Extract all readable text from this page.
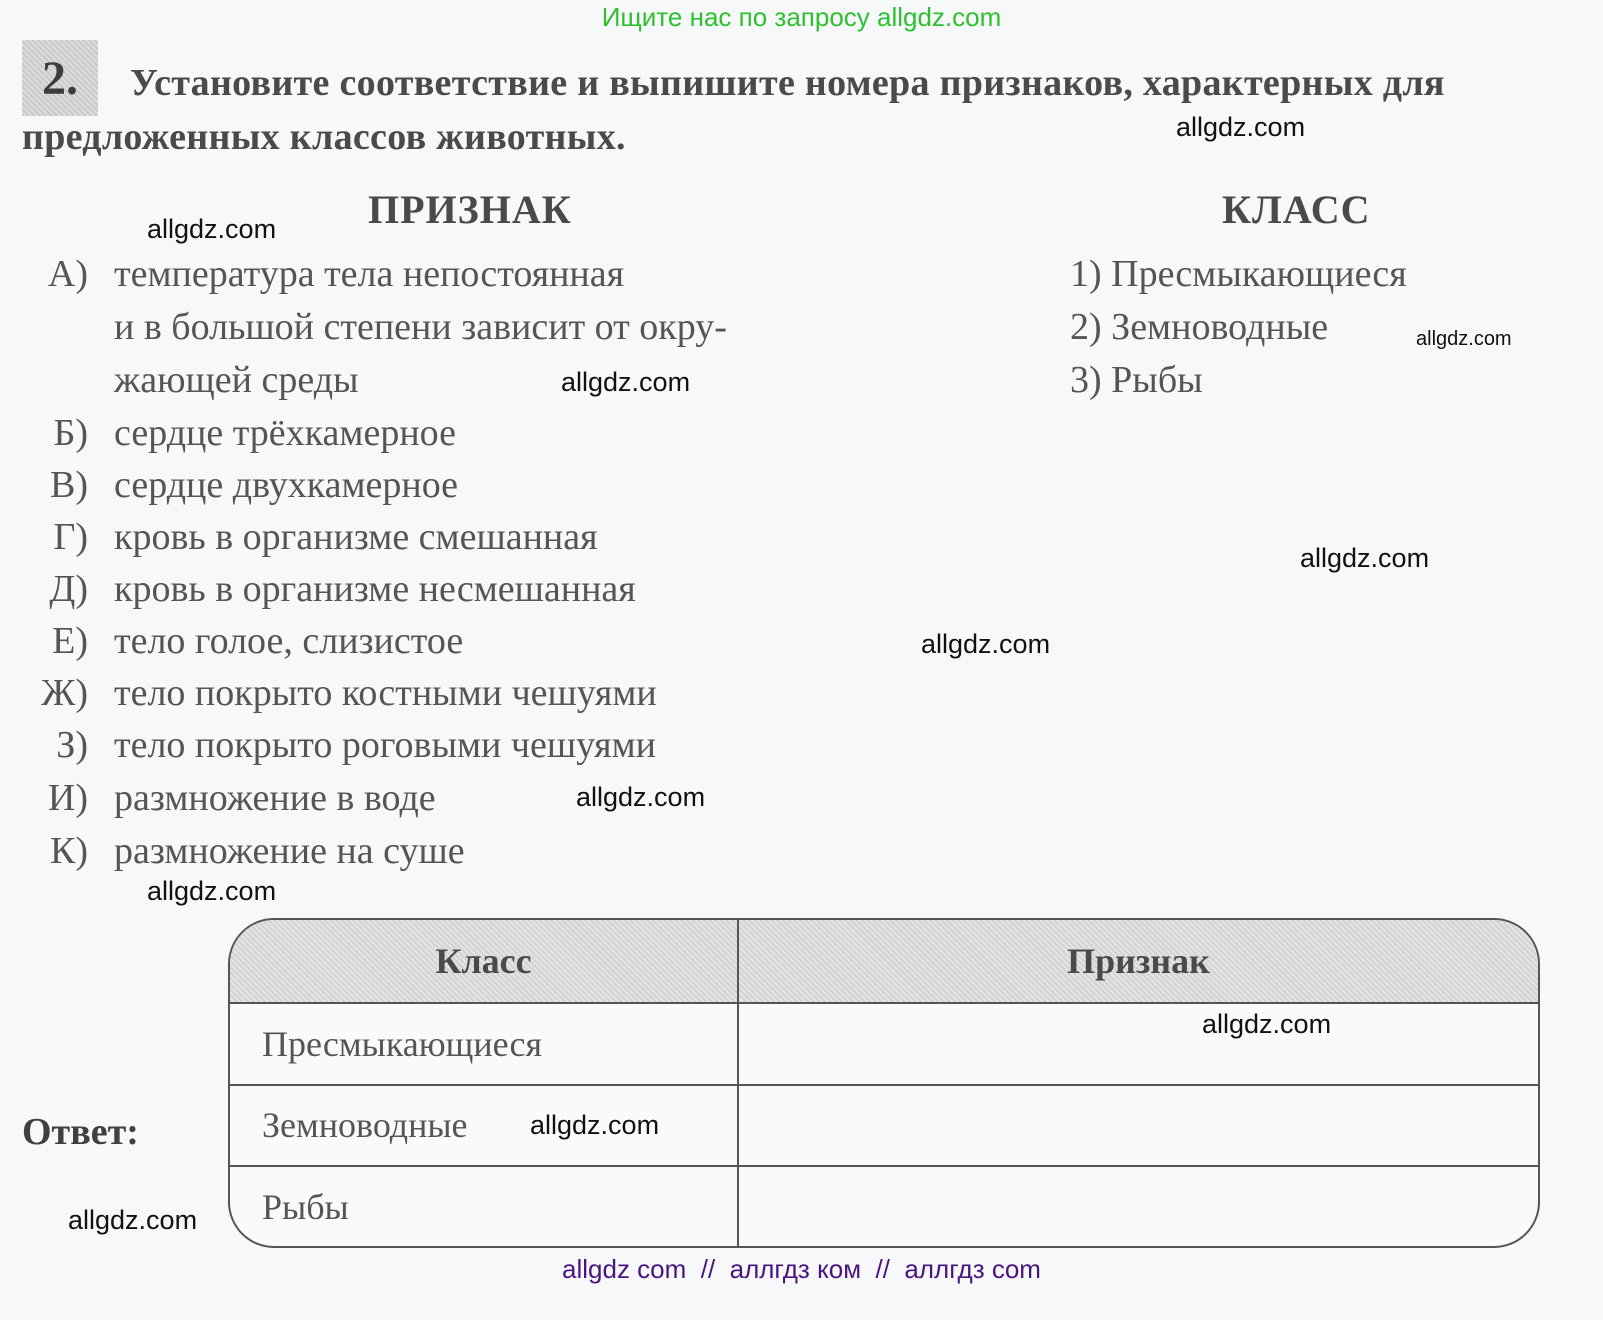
Ищите нас по запросу allgdz.com
2.	Установите соответствие и выпишите номера признаков, характерных для предложенных классов животных.
ПРИЗНАК	КЛАСС
А) температура тела непостоянная
и в большой степени зависит от окру-
жающей среды
Б) сердце трёхкамерное
В) сердце двухкамерное
Г) кровь в организме смешанная
Д) кровь в организме несмешанная
Е) тело голое, слизистое
Ж) тело покрыто костными чешуями
З) тело покрыто роговыми чешуями
И) размножение в воде
К) размножение на суше
1) Пресмыкающиеся
2) Земноводные
3) Рыбы
Ответ:
Класс	Признак
Пресмыкающиеся	
Земноводные	
Рыбы	
allgdz.com
allgdz.com
allgdz.com
allgdz.com
allgdz.com
allgdz.com
allgdz.com
allgdz.com
allgdz.com
allgdz.com
allgdz.com
allgdz com  //  аллгдз ком  //  аллгдз com
